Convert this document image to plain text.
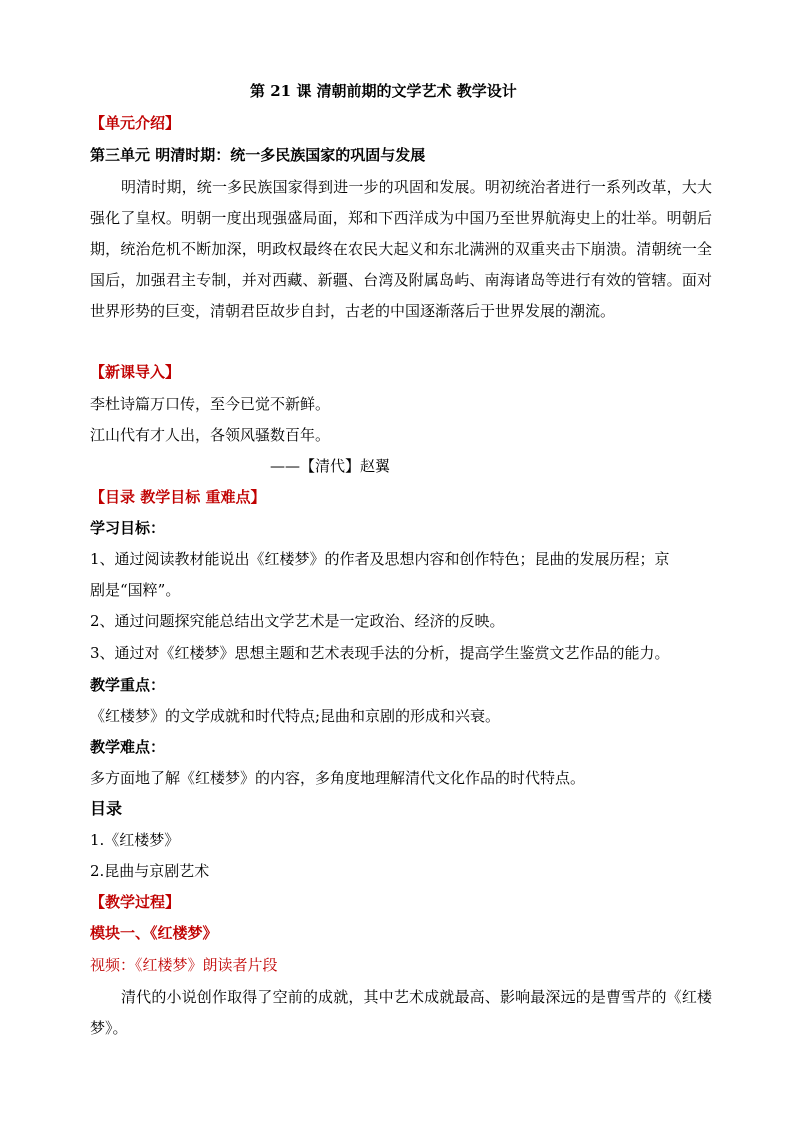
第 21 课 清朝前期的文学艺术 教学设计
【单元介绍】
第三单元 明清时期：统一多民族国家的巩固与发展
明清时期，统一多民族国家得到进一步的巩固和发展。明初统治者进行一系列改革，大大强化了皇权。明朝一度出现强盛局面，郑和下西洋成为中国乃至世界航海史上的壮举。明朝后期，统治危机不断加深，明政权最终在农民大起义和东北满洲的双重夹击下崩溃。清朝统一全国后，加强君主专制，并对西藏、新疆、台湾及附属岛屿、南海诸岛等进行有效的管辖。面对世界形势的巨变，清朝君臣故步自封，古老的中国逐渐落后于世界发展的潮流。
【新课导入】
李杜诗篇万口传，至今已觉不新鲜。
江山代有才人出，各领风骚数百年。
——【清代】赵翼
【目录 教学目标 重难点】
学习目标：
1、通过阅读教材能说出《红楼梦》的作者及思想内容和创作特色；昆曲的发展历程；京
剧是“国粹”。
2、通过问题探究能总结出文学艺术是一定政治、经济的反映。
3、通过对《红楼梦》思想主题和艺术表现手法的分析，提高学生鉴赏文艺作品的能力。
教学重点：
《红楼梦》的文学成就和时代特点;昆曲和京剧的形成和兴衰。
教学难点：
多方面地了解《红楼梦》的内容，多角度地理解清代文化作品的时代特点。
目录
1.《红楼梦》
2.昆曲与京剧艺术
【教学过程】
模块一、《红楼梦》
视频：《红楼梦》朗读者片段
清代的小说创作取得了空前的成就，其中艺术成就最高、影响最深远的是曹雪芹的《红楼梦》。
